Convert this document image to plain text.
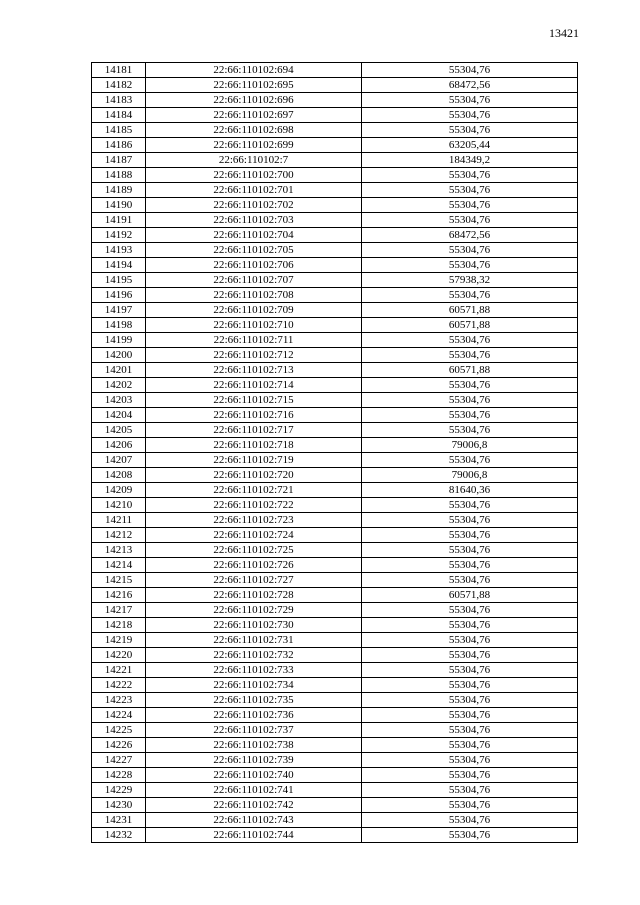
13421
14181	22:66:110102:694	55304,76
14182	22:66:110102:695	68472,56
14183	22:66:110102:696	55304,76
14184	22:66:110102:697	55304,76
14185	22:66:110102:698	55304,76
14186	22:66:110102:699	63205,44
14187	22:66:110102:7	184349,2
14188	22:66:110102:700	55304,76
14189	22:66:110102:701	55304,76
14190	22:66:110102:702	55304,76
14191	22:66:110102:703	55304,76
14192	22:66:110102:704	68472,56
14193	22:66:110102:705	55304,76
14194	22:66:110102:706	55304,76
14195	22:66:110102:707	57938,32
14196	22:66:110102:708	55304,76
14197	22:66:110102:709	60571,88
14198	22:66:110102:710	60571,88
14199	22:66:110102:711	55304,76
14200	22:66:110102:712	55304,76
14201	22:66:110102:713	60571,88
14202	22:66:110102:714	55304,76
14203	22:66:110102:715	55304,76
14204	22:66:110102:716	55304,76
14205	22:66:110102:717	55304,76
14206	22:66:110102:718	79006,8
14207	22:66:110102:719	55304,76
14208	22:66:110102:720	79006,8
14209	22:66:110102:721	81640,36
14210	22:66:110102:722	55304,76
14211	22:66:110102:723	55304,76
14212	22:66:110102:724	55304,76
14213	22:66:110102:725	55304,76
14214	22:66:110102:726	55304,76
14215	22:66:110102:727	55304,76
14216	22:66:110102:728	60571,88
14217	22:66:110102:729	55304,76
14218	22:66:110102:730	55304,76
14219	22:66:110102:731	55304,76
14220	22:66:110102:732	55304,76
14221	22:66:110102:733	55304,76
14222	22:66:110102:734	55304,76
14223	22:66:110102:735	55304,76
14224	22:66:110102:736	55304,76
14225	22:66:110102:737	55304,76
14226	22:66:110102:738	55304,76
14227	22:66:110102:739	55304,76
14228	22:66:110102:740	55304,76
14229	22:66:110102:741	55304,76
14230	22:66:110102:742	55304,76
14231	22:66:110102:743	55304,76
14232	22:66:110102:744	55304,76
